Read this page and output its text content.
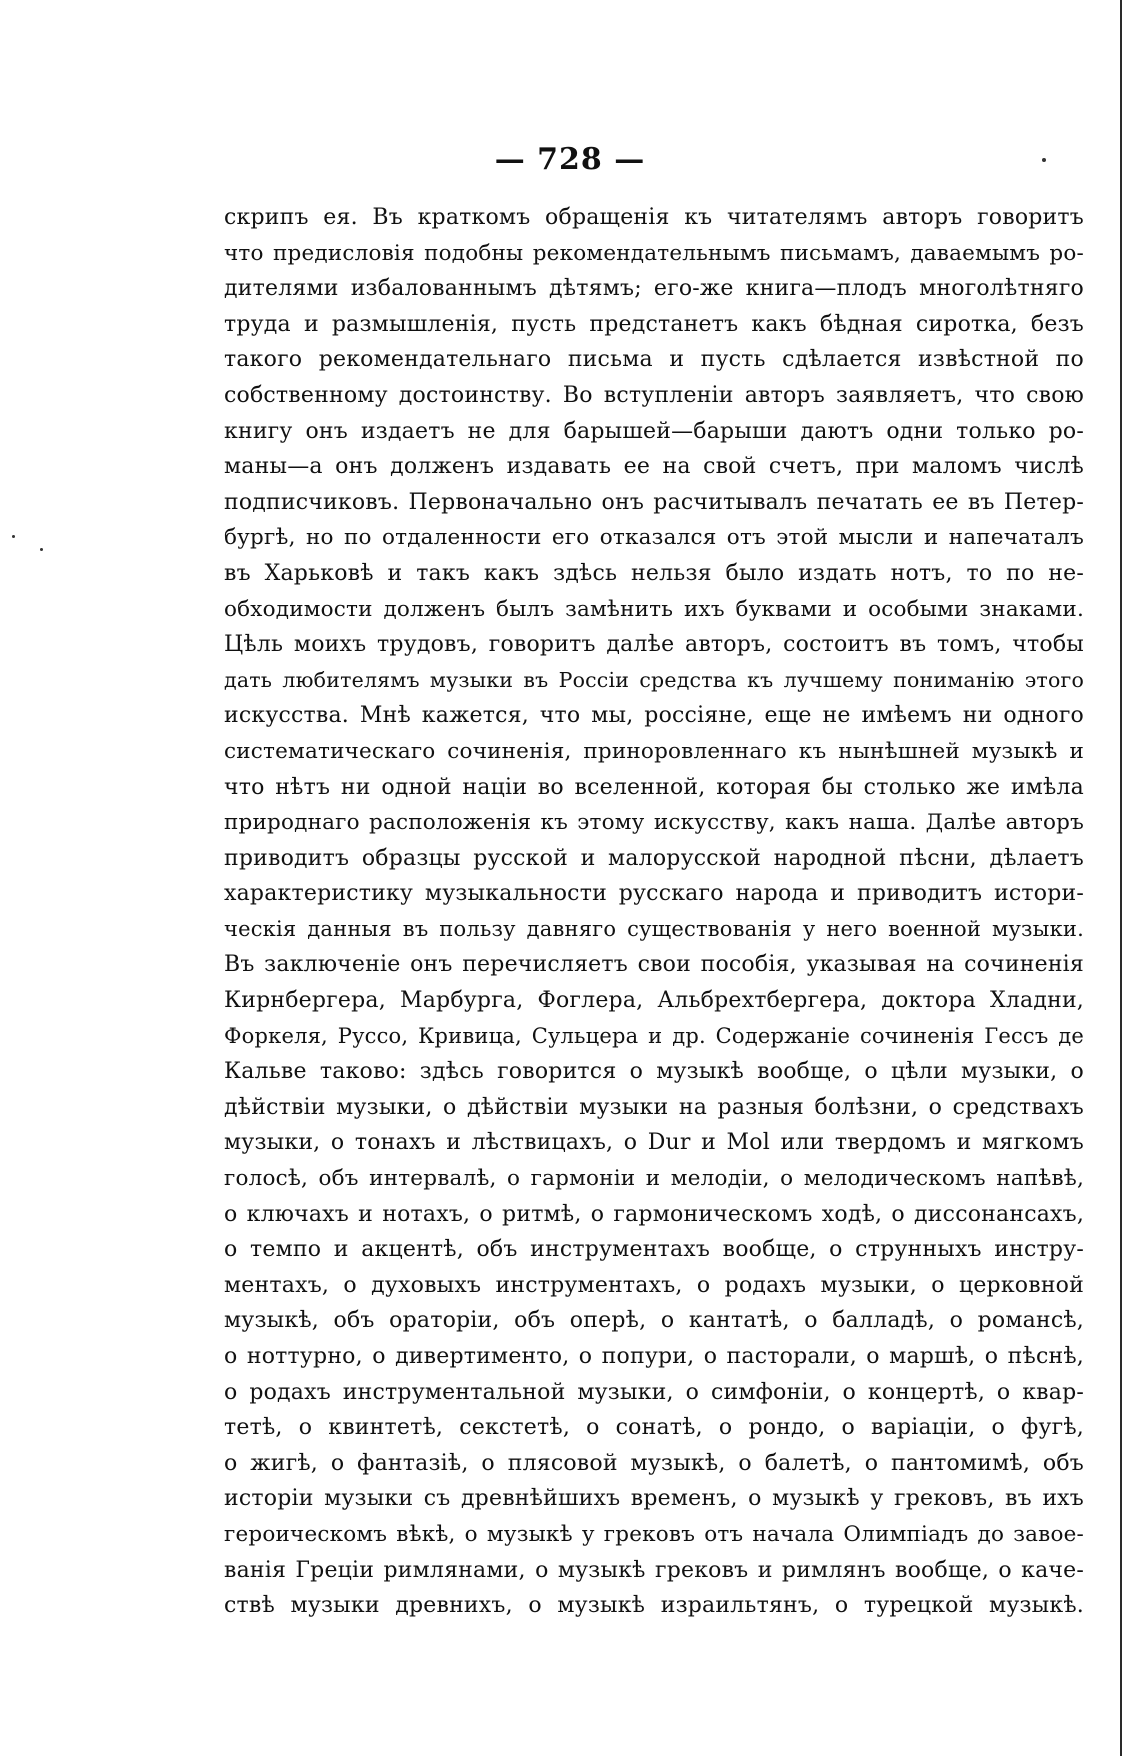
— 728 —
скрипъ ея. Въ краткомъ обращенія къ читателямъ авторъ говоритъ
что предисловія подобны рекомендательнымъ письмамъ, даваемымъ ро-
дителями избалованнымъ дѣтямъ; его-же книга—плодъ многолѣтняго
труда и размышленія, пусть предстанетъ какъ бѣдная сиротка, безъ
такого рекомендательнаго письма и пусть сдѣлается извѣстной по
собственному достоинству. Во вступленіи авторъ заявляетъ, что свою
книгу онъ издаетъ не для барышей—барыши даютъ одни только ро-
маны—а онъ долженъ издавать ее на свой счетъ, при маломъ числѣ
подписчиковъ. Первоначально онъ расчитывалъ печатать ее въ Петер-
бургѣ, но по отдаленности его отказался отъ этой мысли и напечаталъ
въ Харьковѣ и такъ какъ здѣсь нельзя было издать нотъ, то по не-
обходимости долженъ былъ замѣнить ихъ буквами и особыми знаками.
Цѣль моихъ трудовъ, говоритъ далѣе авторъ, состоитъ въ томъ, чтобы
дать любителямъ музыки въ Россіи средства къ лучшему пониманію этого
искусства. Мнѣ кажется, что мы, россіяне, еще не имѣемъ ни одного
систематическаго сочиненія, приноровленнаго къ нынѣшней музыкѣ и
что нѣтъ ни одной націи во вселенной, которая бы столько же имѣла
природнаго расположенія къ этому искусству, какъ наша. Далѣе авторъ
приводитъ образцы русской и малорусской народной пѣсни, дѣлаетъ
характеристику музыкальности русскаго народа и приводитъ истори-
ческія данныя въ пользу давняго существованія у него военной музыки.
Въ заключеніе онъ перечисляетъ свои пособія, указывая на сочиненія
Кирнбергера, Марбурга, Фоглера, Альбрехтбергера, доктора Хладни,
Форкеля, Руссо, Кривица, Сульцера и др. Содержаніе сочиненія Гессъ де
Кальве таково: здѣсь говорится о музыкѣ вообще, о цѣли музыки, о
дѣйствіи музыки, о дѣйствіи музыки на разныя болѣзни, о средствахъ
музыки, о тонахъ и лѣствицахъ, о Dur и Mol или твердомъ и мягкомъ
голосѣ, объ интервалѣ, о гармоніи и мелодіи, о мелодическомъ напѣвѣ,
о ключахъ и нотахъ, о ритмѣ, о гармоническомъ ходѣ, о диссонансахъ,
о темпо и акцентѣ, объ инструментахъ вообще, о струнныхъ инстру-
ментахъ, о духовыхъ инструментахъ, о родахъ музыки, о церковной
музыкѣ, объ ораторіи, объ оперѣ, о кантатѣ, о балладѣ, о романсѣ,
о ноттурно, о дивертименто, о попури, о пасторали, о маршѣ, о пѣснѣ,
о родахъ инструментальной музыки, о симфоніи, о концертѣ, о квар-
тетѣ, о квинтетѣ, секстетѣ, о сонатѣ, о рондо, о варіаціи, о фугѣ,
о жигѣ, о фантазіѣ, о плясовой музыкѣ, о балетѣ, о пантомимѣ, объ
исторіи музыки съ древнѣйшихъ временъ, о музыкѣ у грековъ, въ ихъ
героическомъ вѣкѣ, о музыкѣ у грековъ отъ начала Олимпіадъ до завое-
ванія Греціи римлянами, о музыкѣ грековъ и римлянъ вообще, о каче-
ствѣ музыки древнихъ, о музыкѣ израильтянъ, о турецкой музыкѣ.
